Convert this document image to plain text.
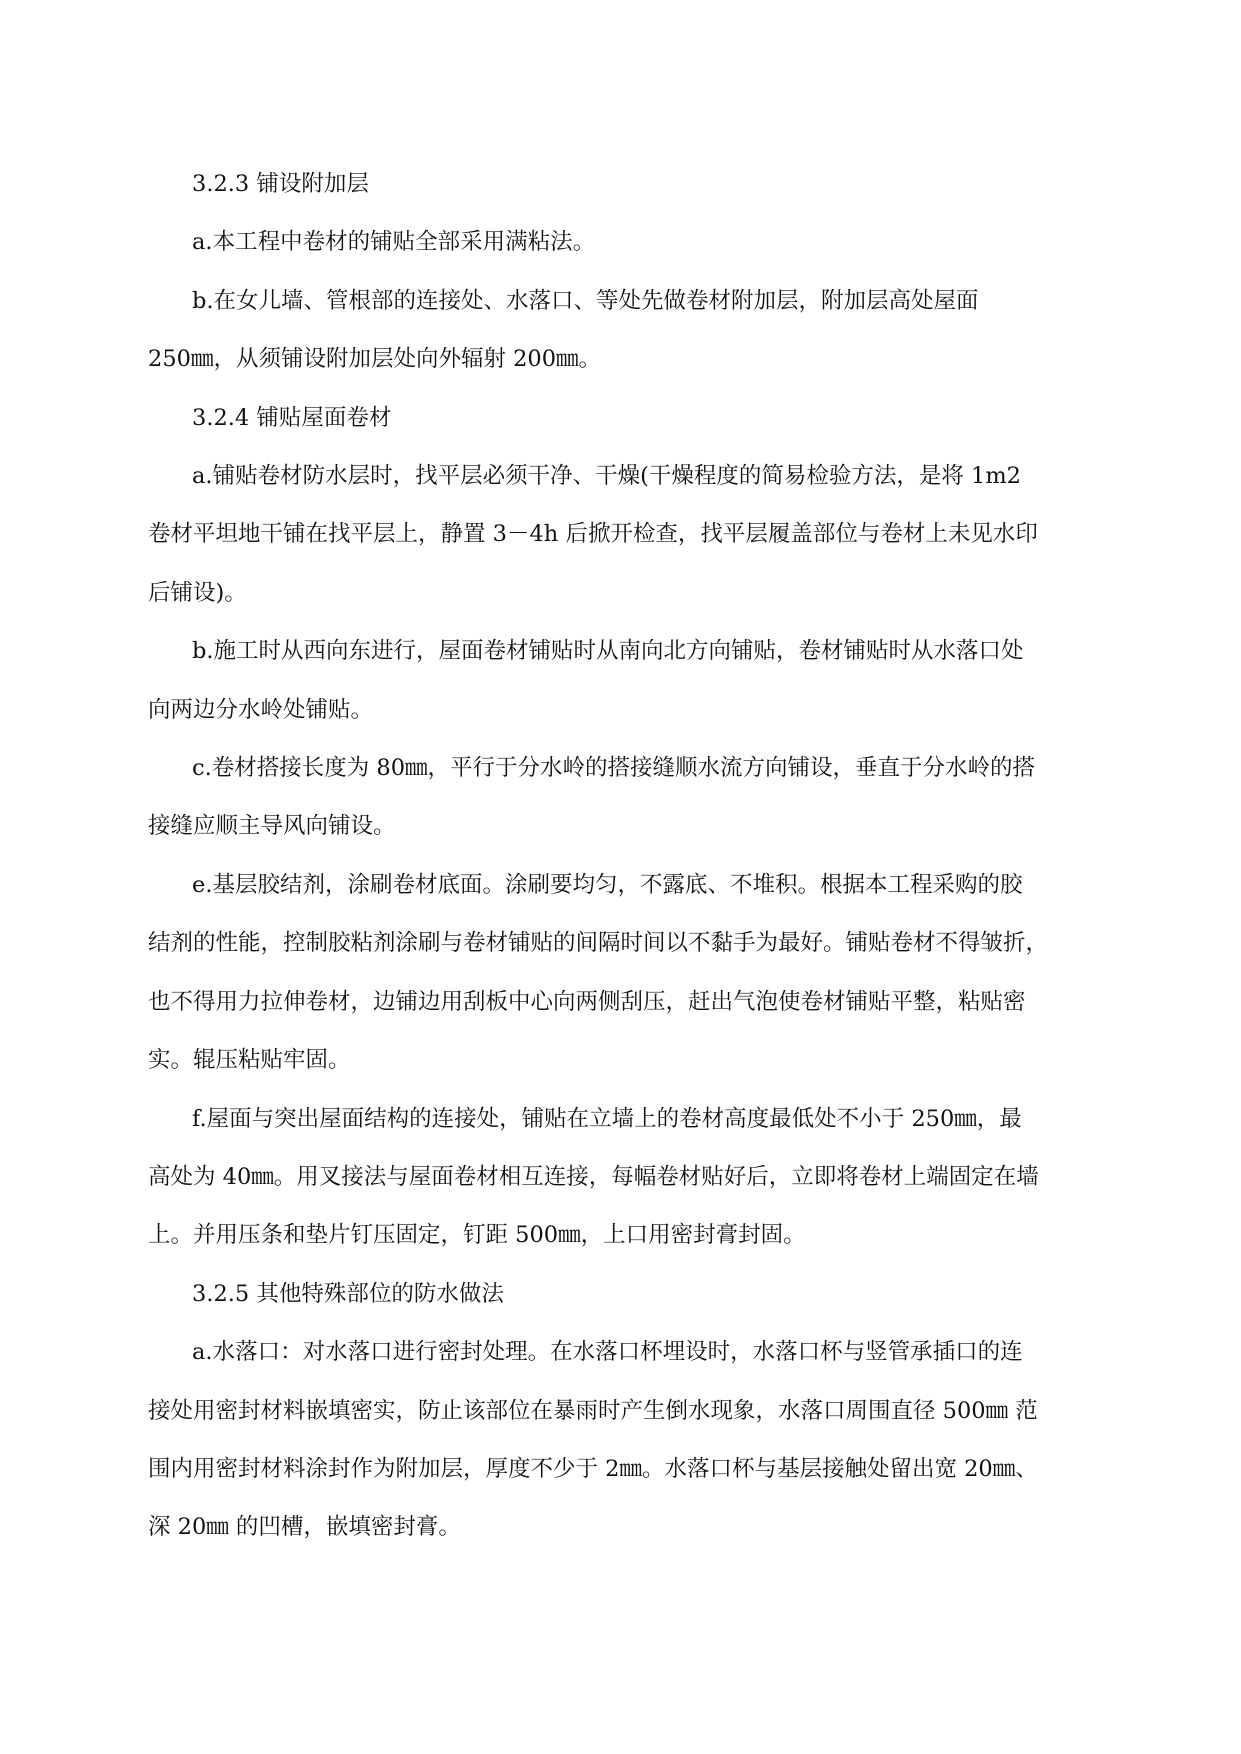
3.2.3 铺设附加层
a.本工程中卷材的铺贴全部采用满粘法。
b.在女儿墙、管根部的连接处、水落口、等处先做卷材附加层，附加层高处屋面
250㎜，从须铺设附加层处向外辐射 200㎜。
3.2.4 铺贴屋面卷材
a.铺贴卷材防水层时，找平层必须干净、干燥(干燥程度的简易检验方法，是将 1m2
卷材平坦地干铺在找平层上，静置 3－4h 后掀开检查，找平层履盖部位与卷材上未见水印
后铺设)。
b.施工时从西向东进行，屋面卷材铺贴时从南向北方向铺贴，卷材铺贴时从水落口处
向两边分水岭处铺贴。
c.卷材搭接长度为 80㎜，平行于分水岭的搭接缝顺水流方向铺设，垂直于分水岭的搭
接缝应顺主导风向铺设。
e.基层胶结剂，涂刷卷材底面。涂刷要均匀，不露底、不堆积。根据本工程采购的胶
结剂的性能，控制胶粘剂涂刷与卷材铺贴的间隔时间以不黏手为最好。铺贴卷材不得皱折，
也不得用力拉伸卷材，边铺边用刮板中心向两侧刮压，赶出气泡使卷材铺贴平整，粘贴密
实。辊压粘贴牢固。
f.屋面与突出屋面结构的连接处，铺贴在立墙上的卷材高度最低处不小于 250㎜，最
高处为 40㎜。用叉接法与屋面卷材相互连接，每幅卷材贴好后，立即将卷材上端固定在墙
上。并用压条和垫片钉压固定，钉距 500㎜，上口用密封膏封固。
3.2.5 其他特殊部位的防水做法
a.水落口：对水落口进行密封处理。在水落口杯埋设时，水落口杯与竖管承插口的连
接处用密封材料嵌填密实，防止该部位在暴雨时产生倒水现象，水落口周围直径 500㎜ 范
围内用密封材料涂封作为附加层，厚度不少于 2㎜。水落口杯与基层接触处留出宽 20㎜、
深 20㎜ 的凹槽，嵌填密封膏。
